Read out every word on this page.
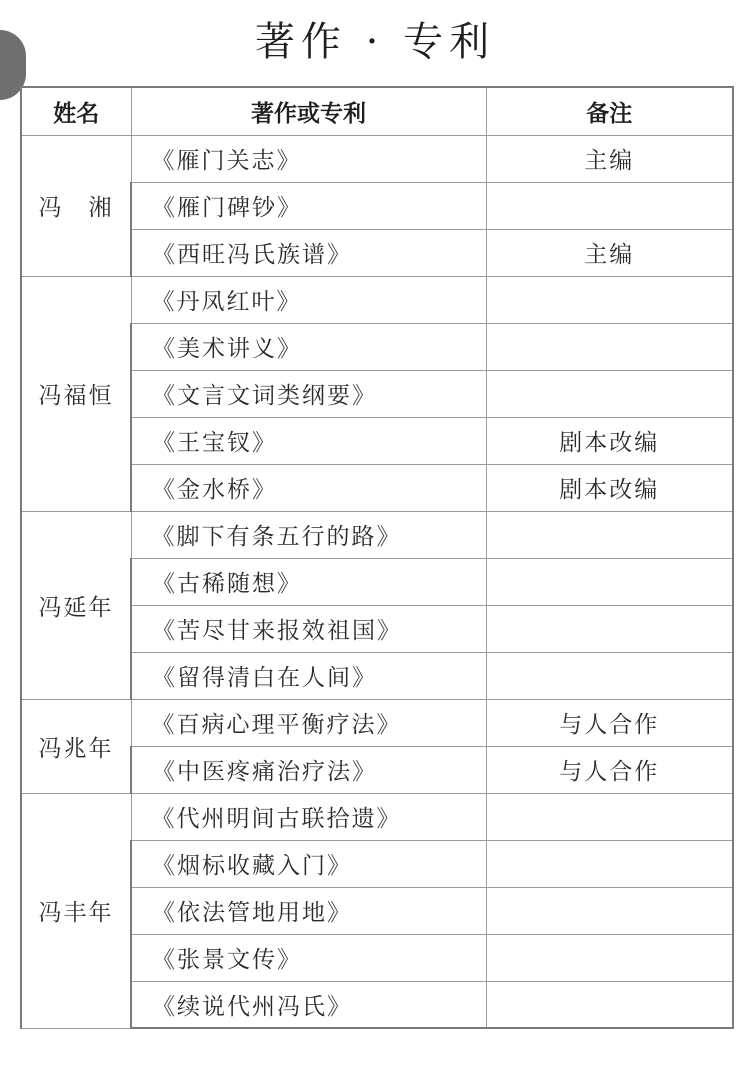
著作 · 专利
姓名	著作或专利	备注
冯　湘	《雁门关志》	主编
	《雁门碑钞》	
	《西旺冯氏族谱》	主编
冯福恒	《丹凤红叶》	
	《美术讲义》	
	《文言文词类纲要》	
	《王宝钗》	剧本改编
	《金水桥》	剧本改编
冯延年	《脚下有条五行的路》	
	《古稀随想》	
	《苦尽甘来报效祖国》	
	《留得清白在人间》	
冯兆年	《百病心理平衡疗法》	与人合作
	《中医疼痛治疗法》	与人合作
冯丰年	《代州明间古联拾遗》	
	《烟标收藏入门》	
	《依法管地用地》	
	《张景文传》	
	《续说代州冯氏》	
